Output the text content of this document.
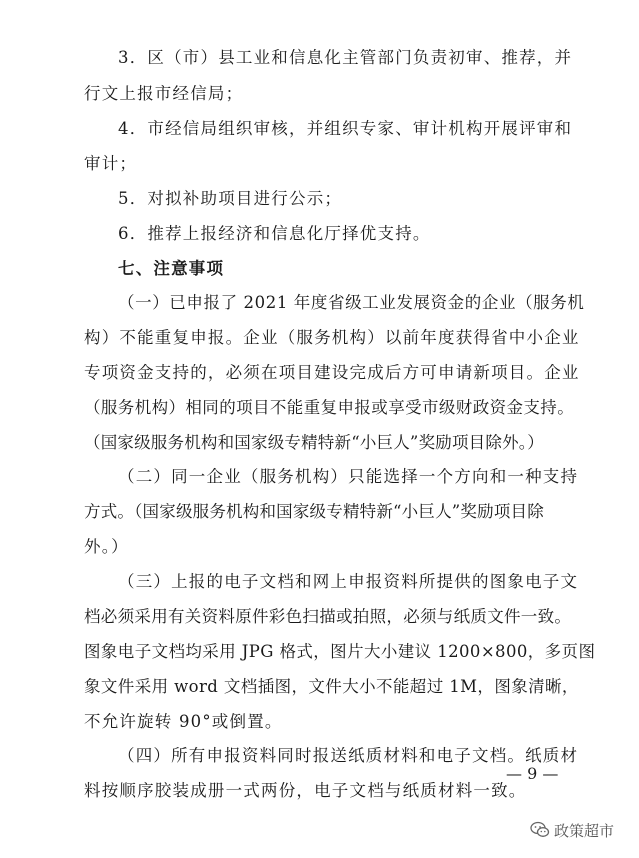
3．区（市）县工业和信息化主管部门负责初审、推荐，并
行文上报市经信局；
4．市经信局组织审核，并组织专家、审计机构开展评审和
审计；
5．对拟补助项目进行公示；
6．推荐上报经济和信息化厅择优支持。
七、注意事项
（一）已申报了 2021 年度省级工业发展资金的企业（服务机
构）不能重复申报。企业（服务机构）以前年度获得省中小企业
专项资金支持的，必须在项目建设完成后方可申请新项目。企业
（服务机构）相同的项目不能重复申报或享受市级财政资金支持。
（国家级服务机构和国家级专精特新“小巨人”奖励项目除外。）
（二）同一企业（服务机构）只能选择一个方向和一种支持
方式。（国家级服务机构和国家级专精特新“小巨人”奖励项目除
外。）
（三）上报的电子文档和网上申报资料所提供的图象电子文
档必须采用有关资料原件彩色扫描或拍照，必须与纸质文件一致。
图象电子文档均采用 JPG 格式，图片大小建议 1200×800，多页图
象文件采用 word 文档插图，文件大小不能超过 1M，图象清晰，
不允许旋转 90°或倒置。
（四）所有申报资料同时报送纸质材料和电子文档。纸质材
料按顺序胶装成册一式两份，电子文档与纸质材料一致。
— 9 —
政策超市
